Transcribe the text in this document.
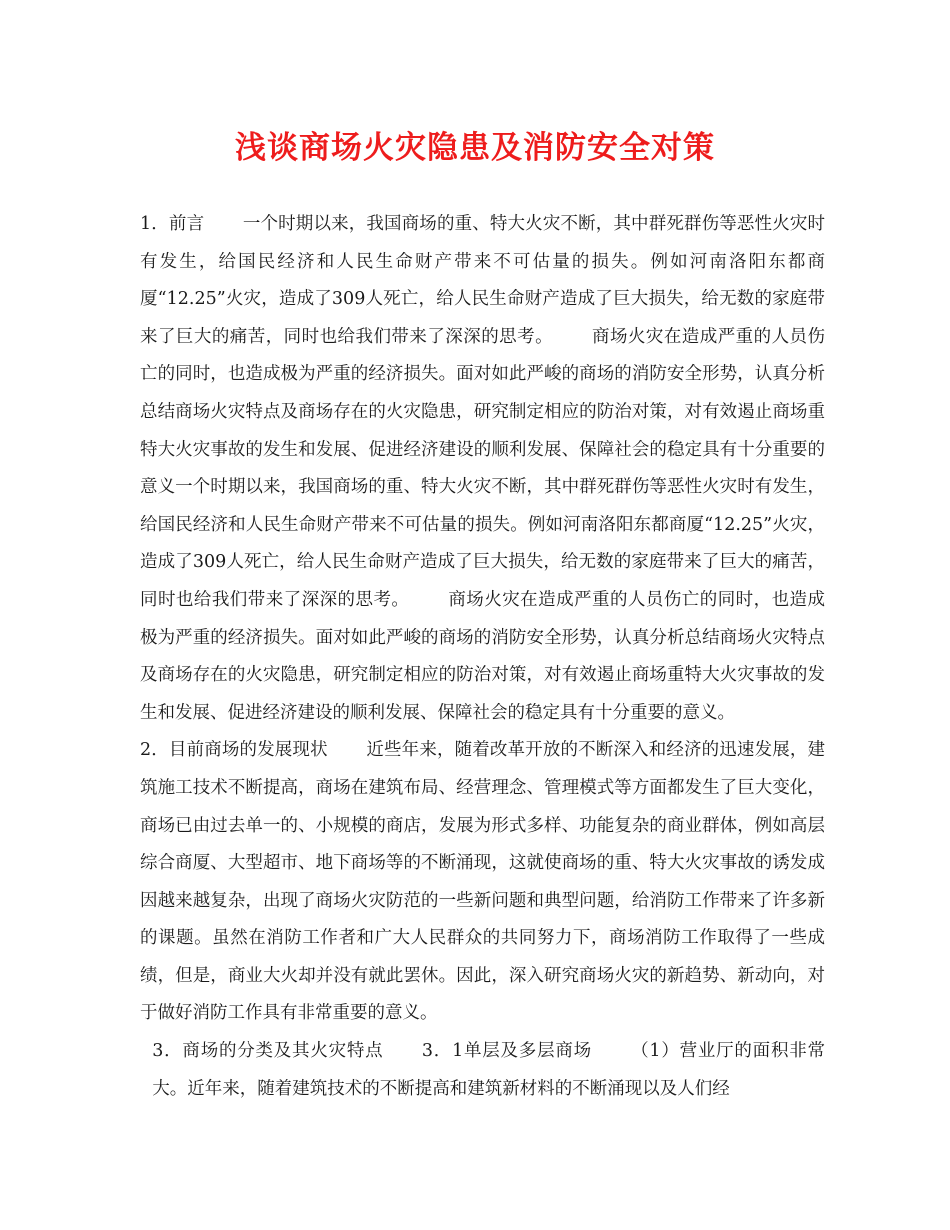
浅谈商场火灾隐患及消防安全对策

1．前言 一个时期以来，我国商场的重、特大火灾不断，其中群死群伤等恶性火灾时有发生，给国民经济和人民生命财产带来不可估量的损失。例如河南洛阳东都商厦“12.25”火灾，造成了309人死亡，给人民生命财产造成了巨大损失，给无数的家庭带来了巨大的痛苦，同时也给我们带来了深深的思考。 商场火灾在造成严重的人员伤亡的同时，也造成极为严重的经济损失。面对如此严峻的商场的消防安全形势，认真分析总结商场火灾特点及商场存在的火灾隐患，研究制定相应的防治对策，对有效遏止商场重特大火灾事故的发生和发展、促进经济建设的顺利发展、保障社会的稳定具有十分重要的意义一个时期以来，我国商场的重、特大火灾不断，其中群死群伤等恶性火灾时有发生，给国民经济和人民生命财产带来不可估量的损失。例如河南洛阳东都商厦“12.25”火灾，造成了309人死亡，给人民生命财产造成了巨大损失，给无数的家庭带来了巨大的痛苦，同时也给我们带来了深深的思考。 商场火灾在造成严重的人员伤亡的同时，也造成极为严重的经济损失。面对如此严峻的商场的消防安全形势，认真分析总结商场火灾特点及商场存在的火灾隐患，研究制定相应的防治对策，对有效遏止商场重特大火灾事故的发生和发展、促进经济建设的顺利发展、保障社会的稳定具有十分重要的意义。

2．目前商场的发展现状 近些年来，随着改革开放的不断深入和经济的迅速发展，建筑施工技术不断提高，商场在建筑布局、经营理念、管理模式等方面都发生了巨大变化，商场已由过去单一的、小规模的商店，发展为形式多样、功能复杂的商业群体，例如高层综合商厦、大型超市、地下商场等的不断涌现，这就使商场的重、特大火灾事故的诱发成因越来越复杂，出现了商场火灾防范的一些新问题和典型问题，给消防工作带来了许多新的课题。虽然在消防工作者和广大人民群众的共同努力下，商场消防工作取得了一些成绩，但是，商业大火却并没有就此罢休。因此，深入研究商场火灾的新趋势、新动向，对于做好消防工作具有非常重要的意义。

3．商场的分类及其火灾特点 3．1单层及多层商场 （1）营业厅的面积非常大。近年来，随着建筑技术的不断提高和建筑新材料的不断涌现以及人们经
